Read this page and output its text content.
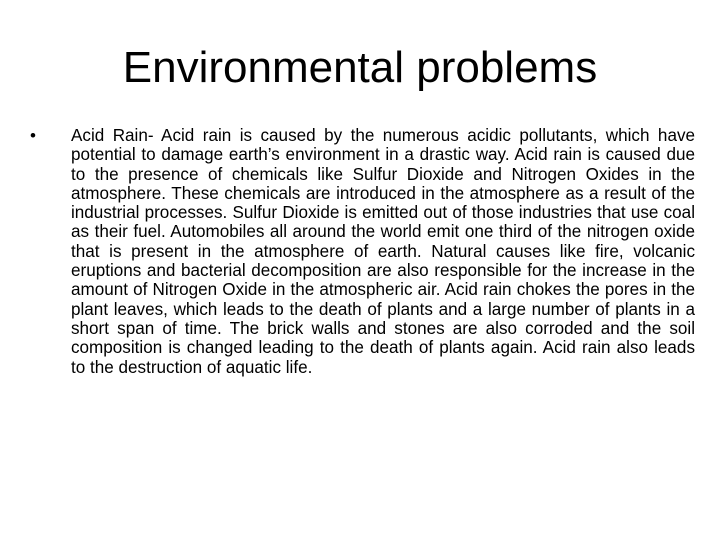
Environmental problems
•	Acid Rain- Acid rain is caused by the numerous acidic pollutants, which have potential to damage earth’s environment in a drastic way. Acid rain is caused due to the presence of chemicals like Sulfur Dioxide and Nitrogen Oxides in the atmosphere. These chemicals are introduced in the atmosphere as a result of the industrial processes. Sulfur Dioxide is emitted out of those industries that use coal as their fuel. Automobiles all around the world emit one third of the nitrogen oxide that is present in the atmosphere of earth. Natural causes like fire, volcanic eruptions and bacterial decomposition are also responsible for the increase in the amount of Nitrogen Oxide in the atmospheric air. Acid rain chokes the pores in the plant leaves, which leads to the death of plants and a large number of plants in a short span of time. The brick walls and stones are also corroded and the soil composition is changed leading to the death of plants again. Acid rain also leads to the destruction of aquatic life.
